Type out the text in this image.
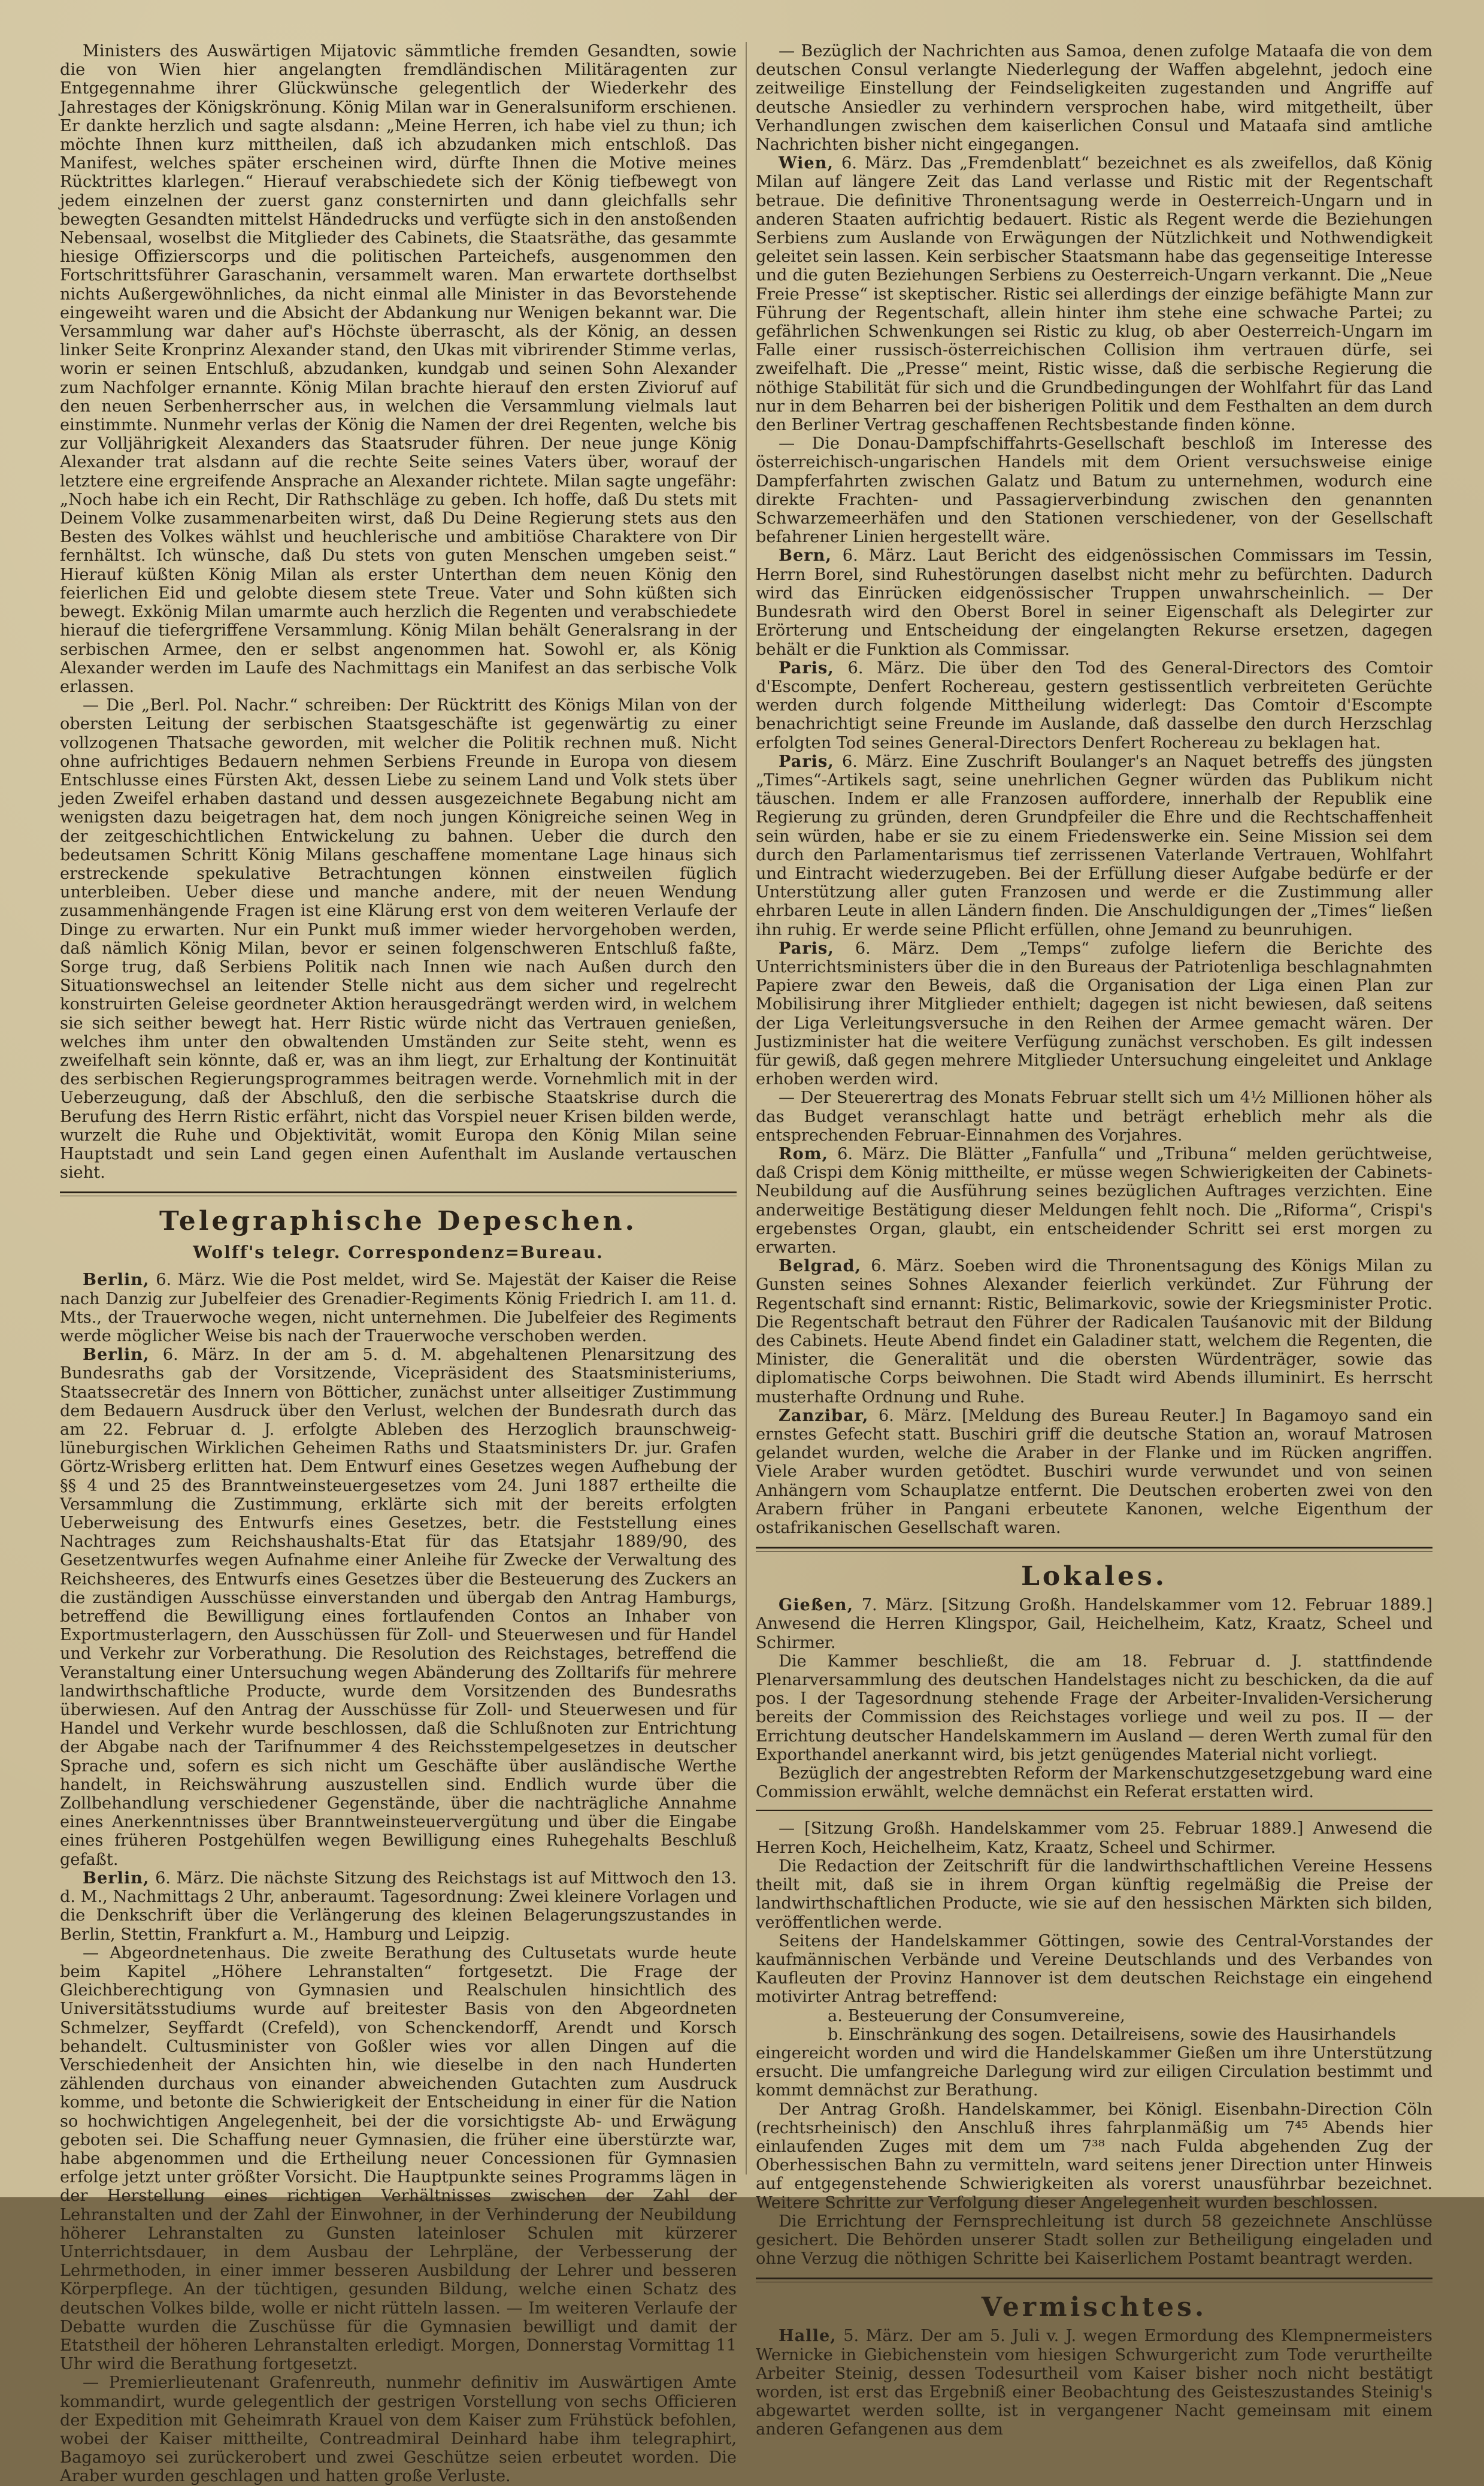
Ministers des Auswärtigen Mijatovic sämmtliche fremden Gesandten, sowie die von Wien hier angelangten fremdländischen Militäragenten zur Entgegennahme ihrer Glückwünsche gelegentlich der Wiederkehr des Jahrestages der Königskrönung. König Milan war in Generalsuniform erschienen. Er dankte herzlich und sagte alsdann: „Meine Herren, ich habe viel zu thun; ich möchte Ihnen kurz mittheilen, daß ich abzudanken mich entschloß. Das Manifest, welches später erscheinen wird, dürfte Ihnen die Motive meines Rücktrittes klarlegen.“ Hierauf verabschiedete sich der König tiefbewegt von jedem einzelnen der zuerst ganz consternirten und dann gleichfalls sehr bewegten Gesandten mittelst Händedrucks und verfügte sich in den anstoßenden Nebensaal, woselbst die Mitglieder des Cabinets, die Staatsräthe, das gesammte hiesige Offizierscorps und die politischen Parteichefs, ausgenommen den Fortschrittsführer Garaschanin, versammelt waren. Man erwartete dorthselbst nichts Außergewöhnliches, da nicht einmal alle Minister in das Bevorstehende eingeweiht waren und die Absicht der Abdankung nur Wenigen bekannt war. Die Versammlung war daher auf's Höchste überrascht, als der König, an dessen linker Seite Kronprinz Alexander stand, den Ukas mit vibrirender Stimme verlas, worin er seinen Entschluß, abzudanken, kundgab und seinen Sohn Alexander zum Nachfolger ernannte. König Milan brachte hierauf den ersten Zivioruf auf den neuen Serbenherrscher aus, in welchen die Versammlung vielmals laut einstimmte. Nunmehr verlas der König die Namen der drei Regenten, welche bis zur Volljährigkeit Alexanders das Staatsruder führen. Der neue junge König Alexander trat alsdann auf die rechte Seite seines Vaters über, worauf der letztere eine ergreifende Ansprache an Alexander richtete. Milan sagte ungefähr: „Noch habe ich ein Recht, Dir Rathschläge zu geben. Ich hoffe, daß Du stets mit Deinem Volke zusammenarbeiten wirst, daß Du Deine Regierung stets aus den Besten des Volkes wählst und heuchlerische und ambitiöse Charaktere von Dir fernhältst. Ich wünsche, daß Du stets von guten Menschen umgeben seist.“ Hierauf küßten König Milan als erster Unterthan dem neuen König den feierlichen Eid und gelobte diesem stete Treue. Vater und Sohn küßten sich bewegt. Exkönig Milan umarmte auch herzlich die Regenten und verabschiedete hierauf die tiefergriffene Versammlung. König Milan behält Generalsrang in der serbischen Armee, den er selbst angenommen hat. Sowohl er, als König Alexander werden im Laufe des Nachmittags ein Manifest an das serbische Volk erlassen.

— Die „Berl. Pol. Nachr.“ schreiben: Der Rücktritt des Königs Milan von der obersten Leitung der serbischen Staatsgeschäfte ist gegenwärtig zu einer vollzogenen Thatsache geworden, mit welcher die Politik rechnen muß. Nicht ohne aufrichtiges Bedauern nehmen Serbiens Freunde in Europa von diesem Entschlusse eines Fürsten Akt, dessen Liebe zu seinem Land und Volk stets über jeden Zweifel erhaben dastand und dessen ausgezeichnete Begabung nicht am wenigsten dazu beigetragen hat, dem noch jungen Königreiche seinen Weg in der zeitgeschichtlichen Entwickelung zu bahnen. Ueber die durch den bedeutsamen Schritt König Milans geschaffene momentane Lage hinaus sich erstreckende spekulative Betrachtungen können einstweilen füglich unterbleiben. Ueber diese und manche andere, mit der neuen Wendung zusammenhängende Fragen ist eine Klärung erst von dem weiteren Verlaufe der Dinge zu erwarten. Nur ein Punkt muß immer wieder hervorgehoben werden, daß nämlich König Milan, bevor er seinen folgenschweren Entschluß faßte, Sorge trug, daß Serbiens Politik nach Innen wie nach Außen durch den Situationswechsel an leitender Stelle nicht aus dem sicher und regelrecht konstruirten Geleise geordneter Aktion herausgedrängt werden wird, in welchem sie sich seither bewegt hat. Herr Ristic würde nicht das Vertrauen genießen, welches ihm unter den obwaltenden Umständen zur Seite steht, wenn es zweifelhaft sein könnte, daß er, was an ihm liegt, zur Erhaltung der Kontinuität des serbischen Regierungsprogrammes beitragen werde. Vornehmlich mit in der Ueberzeugung, daß der Abschluß, den die serbische Staatskrise durch die Berufung des Herrn Ristic erfährt, nicht das Vorspiel neuer Krisen bilden werde, wurzelt die Ruhe und Objektivität, womit Europa den König Milan seine Hauptstadt und sein Land gegen einen Aufenthalt im Auslande vertauschen sieht.

Telegraphische Depeschen.
Wolff's telegr. Correspondenz=Bureau.

Berlin, 6. März. Wie die Post meldet, wird Se. Majestät der Kaiser die Reise nach Danzig zur Jubelfeier des Grenadier-Regiments König Friedrich I. am 11. d. Mts., der Trauerwoche wegen, nicht unternehmen. Die Jubelfeier des Regiments werde möglicher Weise bis nach der Trauerwoche verschoben werden.

Berlin, 6. März. In der am 5. d. M. abgehaltenen Plenarsitzung des Bundesraths gab der Vorsitzende, Vicepräsident des Staatsministeriums, Staatssecretär des Innern von Bötticher, zunächst unter allseitiger Zustimmung dem Bedauern Ausdruck über den Verlust, welchen der Bundesrath durch das am 22. Februar d. J. erfolgte Ableben des Herzoglich braunschweig-lüneburgischen Wirklichen Geheimen Raths und Staatsministers Dr. jur. Grafen Görtz-Wrisberg erlitten hat. Dem Entwurf eines Gesetzes wegen Aufhebung der §§ 4 und 25 des Branntweinsteuergesetzes vom 24. Juni 1887 ertheilte die Versammlung die Zustimmung, erklärte sich mit der bereits erfolgten Ueberweisung des Entwurfs eines Gesetzes, betr. die Feststellung eines Nachtrages zum Reichshaushalts-Etat für das Etatsjahr 1889/90, des Gesetzentwurfes wegen Aufnahme einer Anleihe für Zwecke der Verwaltung des Reichsheeres, des Entwurfs eines Gesetzes über die Besteuerung des Zuckers an die zuständigen Ausschüsse einverstanden und übergab den Antrag Hamburgs, betreffend die Bewilligung eines fortlaufenden Contos an Inhaber von Exportmusterlagern, den Ausschüssen für Zoll- und Steuerwesen und für Handel und Verkehr zur Vorberathung. Die Resolution des Reichstages, betreffend die Veranstaltung einer Untersuchung wegen Abänderung des Zolltarifs für mehrere landwirthschaftliche Producte, wurde dem Vorsitzenden des Bundesraths überwiesen. Auf den Antrag der Ausschüsse für Zoll- und Steuerwesen und für Handel und Verkehr wurde beschlossen, daß die Schlußnoten zur Entrichtung der Abgabe nach der Tarifnummer 4 des Reichsstempelgesetzes in deutscher Sprache und, sofern es sich nicht um Geschäfte über ausländische Werthe handelt, in Reichswährung auszustellen sind. Endlich wurde über die Zollbehandlung verschiedener Gegenstände, über die nachträgliche Annahme eines Anerkenntnisses über Branntweinsteuervergütung und über die Eingabe eines früheren Postgehülfen wegen Bewilligung eines Ruhegehalts Beschluß gefaßt.

Berlin, 6. März. Die nächste Sitzung des Reichstags ist auf Mittwoch den 13. d. M., Nachmittags 2 Uhr, anberaumt. Tagesordnung: Zwei kleinere Vorlagen und die Denkschrift über die Verlängerung des kleinen Belagerungszustandes in Berlin, Stettin, Frankfurt a. M., Hamburg und Leipzig.

— Abgeordnetenhaus. Die zweite Berathung des Cultusetats wurde heute beim Kapitel „Höhere Lehranstalten“ fortgesetzt. Die Frage der Gleichberechtigung von Gymnasien und Realschulen hinsichtlich des Universitätsstudiums wurde auf breitester Basis von den Abgeordneten Schmelzer, Seyffardt (Crefeld), von Schenckendorff, Arendt und Korsch behandelt. Cultusminister von Goßler wies vor allen Dingen auf die Verschiedenheit der Ansichten hin, wie dieselbe in den nach Hunderten zählenden durchaus von einander abweichenden Gutachten zum Ausdruck komme, und betonte die Schwierigkeit der Entscheidung in einer für die Nation so hochwichtigen Angelegenheit, bei der die vorsichtigste Ab- und Erwägung geboten sei. Die Schaffung neuer Gymnasien, die früher eine überstürzte war, habe abgenommen und die Ertheilung neuer Concessionen für Gymnasien erfolge jetzt unter größter Vorsicht. Die Hauptpunkte seines Programms lägen in der Herstellung eines richtigen Verhältnisses zwischen der Zahl der Lehranstalten und der Zahl der Einwohner, in der Verhinderung der Neubildung höherer Lehranstalten zu Gunsten lateinloser Schulen mit kürzerer Unterrichtsdauer, in dem Ausbau der Lehrpläne, der Verbesserung der Lehrmethoden, in einer immer besseren Ausbildung der Lehrer und besseren Körperpflege. An der tüchtigen, gesunden Bildung, welche einen Schatz des deutschen Volkes bilde, wolle er nicht rütteln lassen. — Im weiteren Verlaufe der Debatte wurden die Zuschüsse für die Gymnasien bewilligt und damit der Etatstheil der höheren Lehranstalten erledigt. Morgen, Donnerstag Vormittag 11 Uhr wird die Berathung fortgesetzt.

— Premierlieutenant Grafenreuth, nunmehr definitiv im Auswärtigen Amte kommandirt, wurde gelegentlich der gestrigen Vorstellung von sechs Officieren der Expedition mit Geheimrath Krauel von dem Kaiser zum Frühstück befohlen, wobei der Kaiser mittheilte, Contreadmiral Deinhard habe ihm telegraphirt, Bagamoyo sei zurückerobert und zwei Geschütze seien erbeutet worden. Die Araber wurden geschlagen und hatten große Verluste.

— Bezüglich der Nachrichten aus Samoa, denen zufolge Mataafa die von dem deutschen Consul verlangte Niederlegung der Waffen abgelehnt, jedoch eine zeitweilige Einstellung der Feindseligkeiten zugestanden und Angriffe auf deutsche Ansiedler zu verhindern versprochen habe, wird mitgetheilt, über Verhandlungen zwischen dem kaiserlichen Consul und Mataafa sind amtliche Nachrichten bisher nicht eingegangen.

Wien, 6. März. Das „Fremdenblatt“ bezeichnet es als zweifellos, daß König Milan auf längere Zeit das Land verlasse und Ristic mit der Regentschaft betraue. Die definitive Thronentsagung werde in Oesterreich-Ungarn und in anderen Staaten aufrichtig bedauert. Ristic als Regent werde die Beziehungen Serbiens zum Auslande von Erwägungen der Nützlichkeit und Nothwendigkeit geleitet sein lassen. Kein serbischer Staatsmann habe das gegenseitige Interesse und die guten Beziehungen Serbiens zu Oesterreich-Ungarn verkannt. Die „Neue Freie Presse“ ist skeptischer. Ristic sei allerdings der einzige befähigte Mann zur Führung der Regentschaft, allein hinter ihm stehe eine schwache Partei; zu gefährlichen Schwenkungen sei Ristic zu klug, ob aber Oesterreich-Ungarn im Falle einer russisch-österreichischen Collision ihm vertrauen dürfe, sei zweifelhaft. Die „Presse“ meint, Ristic wisse, daß die serbische Regierung die nöthige Stabilität für sich und die Grundbedingungen der Wohlfahrt für das Land nur in dem Beharren bei der bisherigen Politik und dem Festhalten an dem durch den Berliner Vertrag geschaffenen Rechtsbestande finden könne.

— Die Donau-Dampfschiffahrts-Gesellschaft beschloß im Interesse des österreichisch-ungarischen Handels mit dem Orient versuchsweise einige Dampferfahrten zwischen Galatz und Batum zu unternehmen, wodurch eine direkte Frachten- und Passagierverbindung zwischen den genannten Schwarzemeerhäfen und den Stationen verschiedener, von der Gesellschaft befahrener Linien hergestellt wäre.

Bern, 6. März. Laut Bericht des eidgenössischen Commissars im Tessin, Herrn Borel, sind Ruhestörungen daselbst nicht mehr zu befürchten. Dadurch wird das Einrücken eidgenössischer Truppen unwahrscheinlich. — Der Bundesrath wird den Oberst Borel in seiner Eigenschaft als Delegirter zur Erörterung und Entscheidung der eingelangten Rekurse ersetzen, dagegen behält er die Funktion als Commissar.

Paris, 6. März. Die über den Tod des General-Directors des Comtoir d'Escompte, Denfert Rochereau, gestern gestissentlich verbreiteten Gerüchte werden durch folgende Mittheilung widerlegt: Das Comtoir d'Escompte benachrichtigt seine Freunde im Auslande, daß dasselbe den durch Herzschlag erfolgten Tod seines General-Directors Denfert Rochereau zu beklagen hat.

Paris, 6. März. Eine Zuschrift Boulanger's an Naquet betreffs des jüngsten „Times“-Artikels sagt, seine unehrlichen Gegner würden das Publikum nicht täuschen. Indem er alle Franzosen auffordere, innerhalb der Republik eine Regierung zu gründen, deren Grundpfeiler die Ehre und die Rechtschaffenheit sein würden, habe er sie zu einem Friedenswerke ein. Seine Mission sei dem durch den Parlamentarismus tief zerrissenen Vaterlande Vertrauen, Wohlfahrt und Eintracht wiederzugeben. Bei der Erfüllung dieser Aufgabe bedürfe er der Unterstützung aller guten Franzosen und werde er die Zustimmung aller ehrbaren Leute in allen Ländern finden. Die Anschuldigungen der „Times“ ließen ihn ruhig. Er werde seine Pflicht erfüllen, ohne Jemand zu beunruhigen.

Paris, 6. März. Dem „Temps“ zufolge liefern die Berichte des Unterrichtsministers über die in den Bureaus der Patriotenliga beschlagnahmten Papiere zwar den Beweis, daß die Organisation der Liga einen Plan zur Mobilisirung ihrer Mitglieder enthielt; dagegen ist nicht bewiesen, daß seitens der Liga Verleitungsversuche in den Reihen der Armee gemacht wären. Der Justizminister hat die weitere Verfügung zunächst verschoben. Es gilt indessen für gewiß, daß gegen mehrere Mitglieder Untersuchung eingeleitet und Anklage erhoben werden wird.

— Der Steuerertrag des Monats Februar stellt sich um 4½ Millionen höher als das Budget veranschlagt hatte und beträgt erheblich mehr als die entsprechenden Februar-Einnahmen des Vorjahres.

Rom, 6. März. Die Blätter „Fanfulla“ und „Tribuna“ melden gerüchtweise, daß Crispi dem König mittheilte, er müsse wegen Schwierigkeiten der Cabinets-Neubildung auf die Ausführung seines bezüglichen Auftrages verzichten. Eine anderweitige Bestätigung dieser Meldungen fehlt noch. Die „Riforma“, Crispi's ergebenstes Organ, glaubt, ein entscheidender Schritt sei erst morgen zu erwarten.

Belgrad, 6. März. Soeben wird die Thronentsagung des Königs Milan zu Gunsten seines Sohnes Alexander feierlich verkündet. Zur Führung der Regentschaft sind ernannt: Ristic, Belimarkovic, sowie der Kriegsminister Protic. Die Regentschaft betraut den Führer der Radicalen Tauśanovic mit der Bildung des Cabinets. Heute Abend findet ein Galadiner statt, welchem die Regenten, die Minister, die Generalität und die obersten Würdenträger, sowie das diplomatische Corps beiwohnen. Die Stadt wird Abends illuminirt. Es herrscht musterhafte Ordnung und Ruhe.

Zanzibar, 6. März. [Meldung des Bureau Reuter.] In Bagamoyo sand ein ernstes Gefecht statt. Buschiri griff die deutsche Station an, worauf Matrosen gelandet wurden, welche die Araber in der Flanke und im Rücken angriffen. Viele Araber wurden getödtet. Buschiri wurde verwundet und von seinen Anhängern vom Schauplatze entfernt. Die Deutschen eroberten zwei von den Arabern früher in Pangani erbeutete Kanonen, welche Eigenthum der ostafrikanischen Gesellschaft waren.

Lokales.

Gießen, 7. März. [Sitzung Großh. Handelskammer vom 12. Februar 1889.] Anwesend die Herren Klingspor, Gail, Heichelheim, Katz, Kraatz, Scheel und Schirmer.

Die Kammer beschließt, die am 18. Februar d. J. stattfindende Plenarversammlung des deutschen Handelstages nicht zu beschicken, da die auf pos. I der Tagesordnung stehende Frage der Arbeiter-Invaliden-Versicherung bereits der Commission des Reichstages vorliege und weil zu pos. II — der Errichtung deutscher Handelskammern im Ausland — deren Werth zumal für den Exporthandel anerkannt wird, bis jetzt genügendes Material nicht vorliegt.

Bezüglich der angestrebten Reform der Markenschutzgesetzgebung ward eine Commission erwählt, welche demnächst ein Referat erstatten wird.

— [Sitzung Großh. Handelskammer vom 25. Februar 1889.] Anwesend die Herren Koch, Heichelheim, Katz, Kraatz, Scheel und Schirmer.

Die Redaction der Zeitschrift für die landwirthschaftlichen Vereine Hessens theilt mit, daß sie in ihrem Organ künftig regelmäßig die Preise der landwirthschaftlichen Producte, wie sie auf den hessischen Märkten sich bilden, veröffentlichen werde.

Seitens der Handelskammer Göttingen, sowie des Central-Vorstandes der kaufmännischen Verbände und Vereine Deutschlands und des Verbandes von Kaufleuten der Provinz Hannover ist dem deutschen Reichstage ein eingehend motivirter Antrag betreffend:

a. Besteuerung der Consumvereine,

b. Einschränkung des sogen. Detailreisens, sowie des Hausirhandels

eingereicht worden und wird die Handelskammer Gießen um ihre Unterstützung ersucht. Die umfangreiche Darlegung wird zur eiligen Circulation bestimmt und kommt demnächst zur Berathung.

Der Antrag Großh. Handelskammer, bei Königl. Eisenbahn-Direction Cöln (rechtsrheinisch) den Anschluß ihres fahrplanmäßig um 7⁴⁵ Abends hier einlaufenden Zuges mit dem um 7³⁸ nach Fulda abgehenden Zug der Oberhessischen Bahn zu vermitteln, ward seitens jener Direction unter Hinweis auf entgegenstehende Schwierigkeiten als vorerst unausführbar bezeichnet. Weitere Schritte zur Verfolgung dieser Angelegenheit wurden beschlossen.

Die Errichtung der Fernsprechleitung ist durch 58 gezeichnete Anschlüsse gesichert. Die Behörden unserer Stadt sollen zur Betheiligung eingeladen und ohne Verzug die nöthigen Schritte bei Kaiserlichem Postamt beantragt werden.

Vermischtes.

Halle, 5. März. Der am 5. Juli v. J. wegen Ermordung des Klempnermeisters Wernicke in Giebichenstein vom hiesigen Schwurgericht zum Tode verurtheilte Arbeiter Steinig, dessen Todesurtheil vom Kaiser bisher noch nicht bestätigt worden, ist erst das Ergebniß einer Beobachtung des Geisteszustandes Steinig's abgewartet werden sollte, ist in vergangener Nacht gemeinsam mit einem anderen Gefangenen aus dem
